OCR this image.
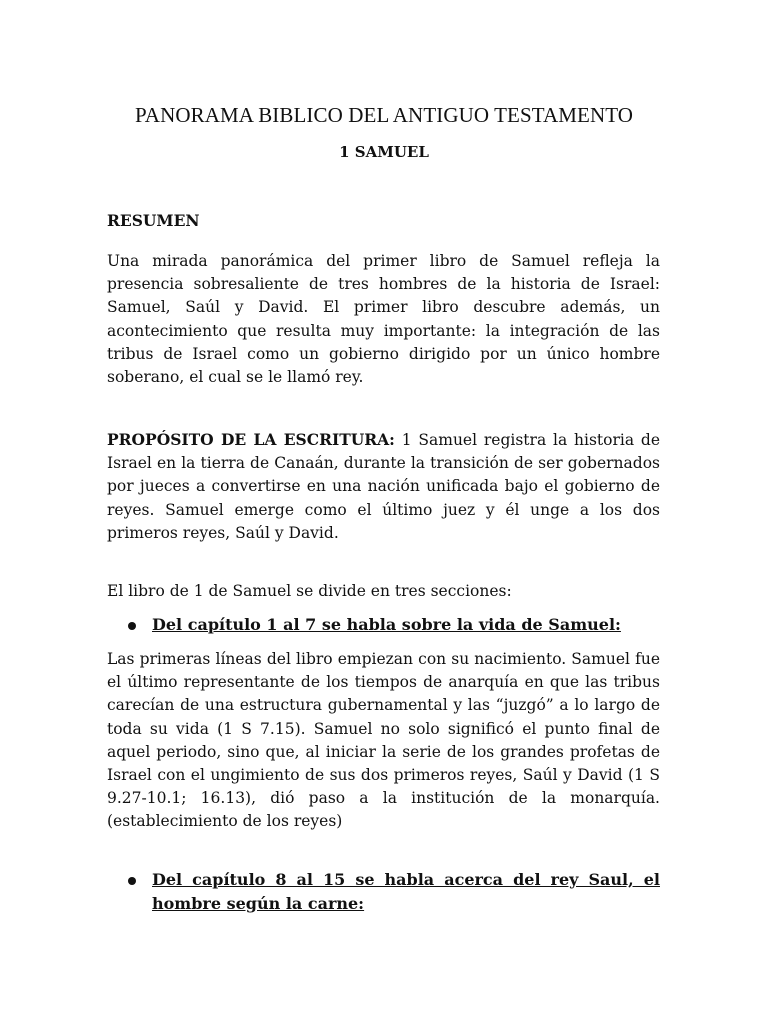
PANORAMA BIBLICO DEL ANTIGUO TESTAMENTO
1 SAMUEL
RESUMEN

Una mirada panorámica del primer libro de Samuel refleja la presencia sobresaliente de tres hombres de la historia de Israel: Samuel, Saúl y David. El primer libro descubre además, un acontecimiento que resulta muy importante: la integración de las tribus de Israel como un gobierno dirigido por un único hombre soberano, el cual se le llamó rey.

PROPÓSITO DE LA ESCRITURA: 1 Samuel registra la historia de Israel en la tierra de Canaán, durante la transición de ser gobernados por jueces a convertirse en una nación unificada bajo el gobierno de reyes. Samuel emerge como el último juez y él unge a los dos primeros reyes, Saúl y David.

El libro de 1 de Samuel se divide en tres secciones:

Del capítulo 1 al 7 se habla sobre la vida de Samuel:

Las primeras líneas del libro empiezan con su nacimiento. Samuel fue el último representante de los tiempos de anarquía en que las tribus carecían de una estructura gubernamental y las “juzgó” a lo largo de toda su vida (1 S 7.15). Samuel no solo significó el punto final de aquel periodo, sino que, al iniciar la serie de los grandes profetas de Israel con el ungimiento de sus dos primeros reyes, Saúl y David (1 S 9.27-10.1; 16.13), dió paso a la institución de la monarquía. (establecimiento de los reyes)

Del capítulo 8 al 15 se habla acerca del rey Saul, el hombre según la carne:
